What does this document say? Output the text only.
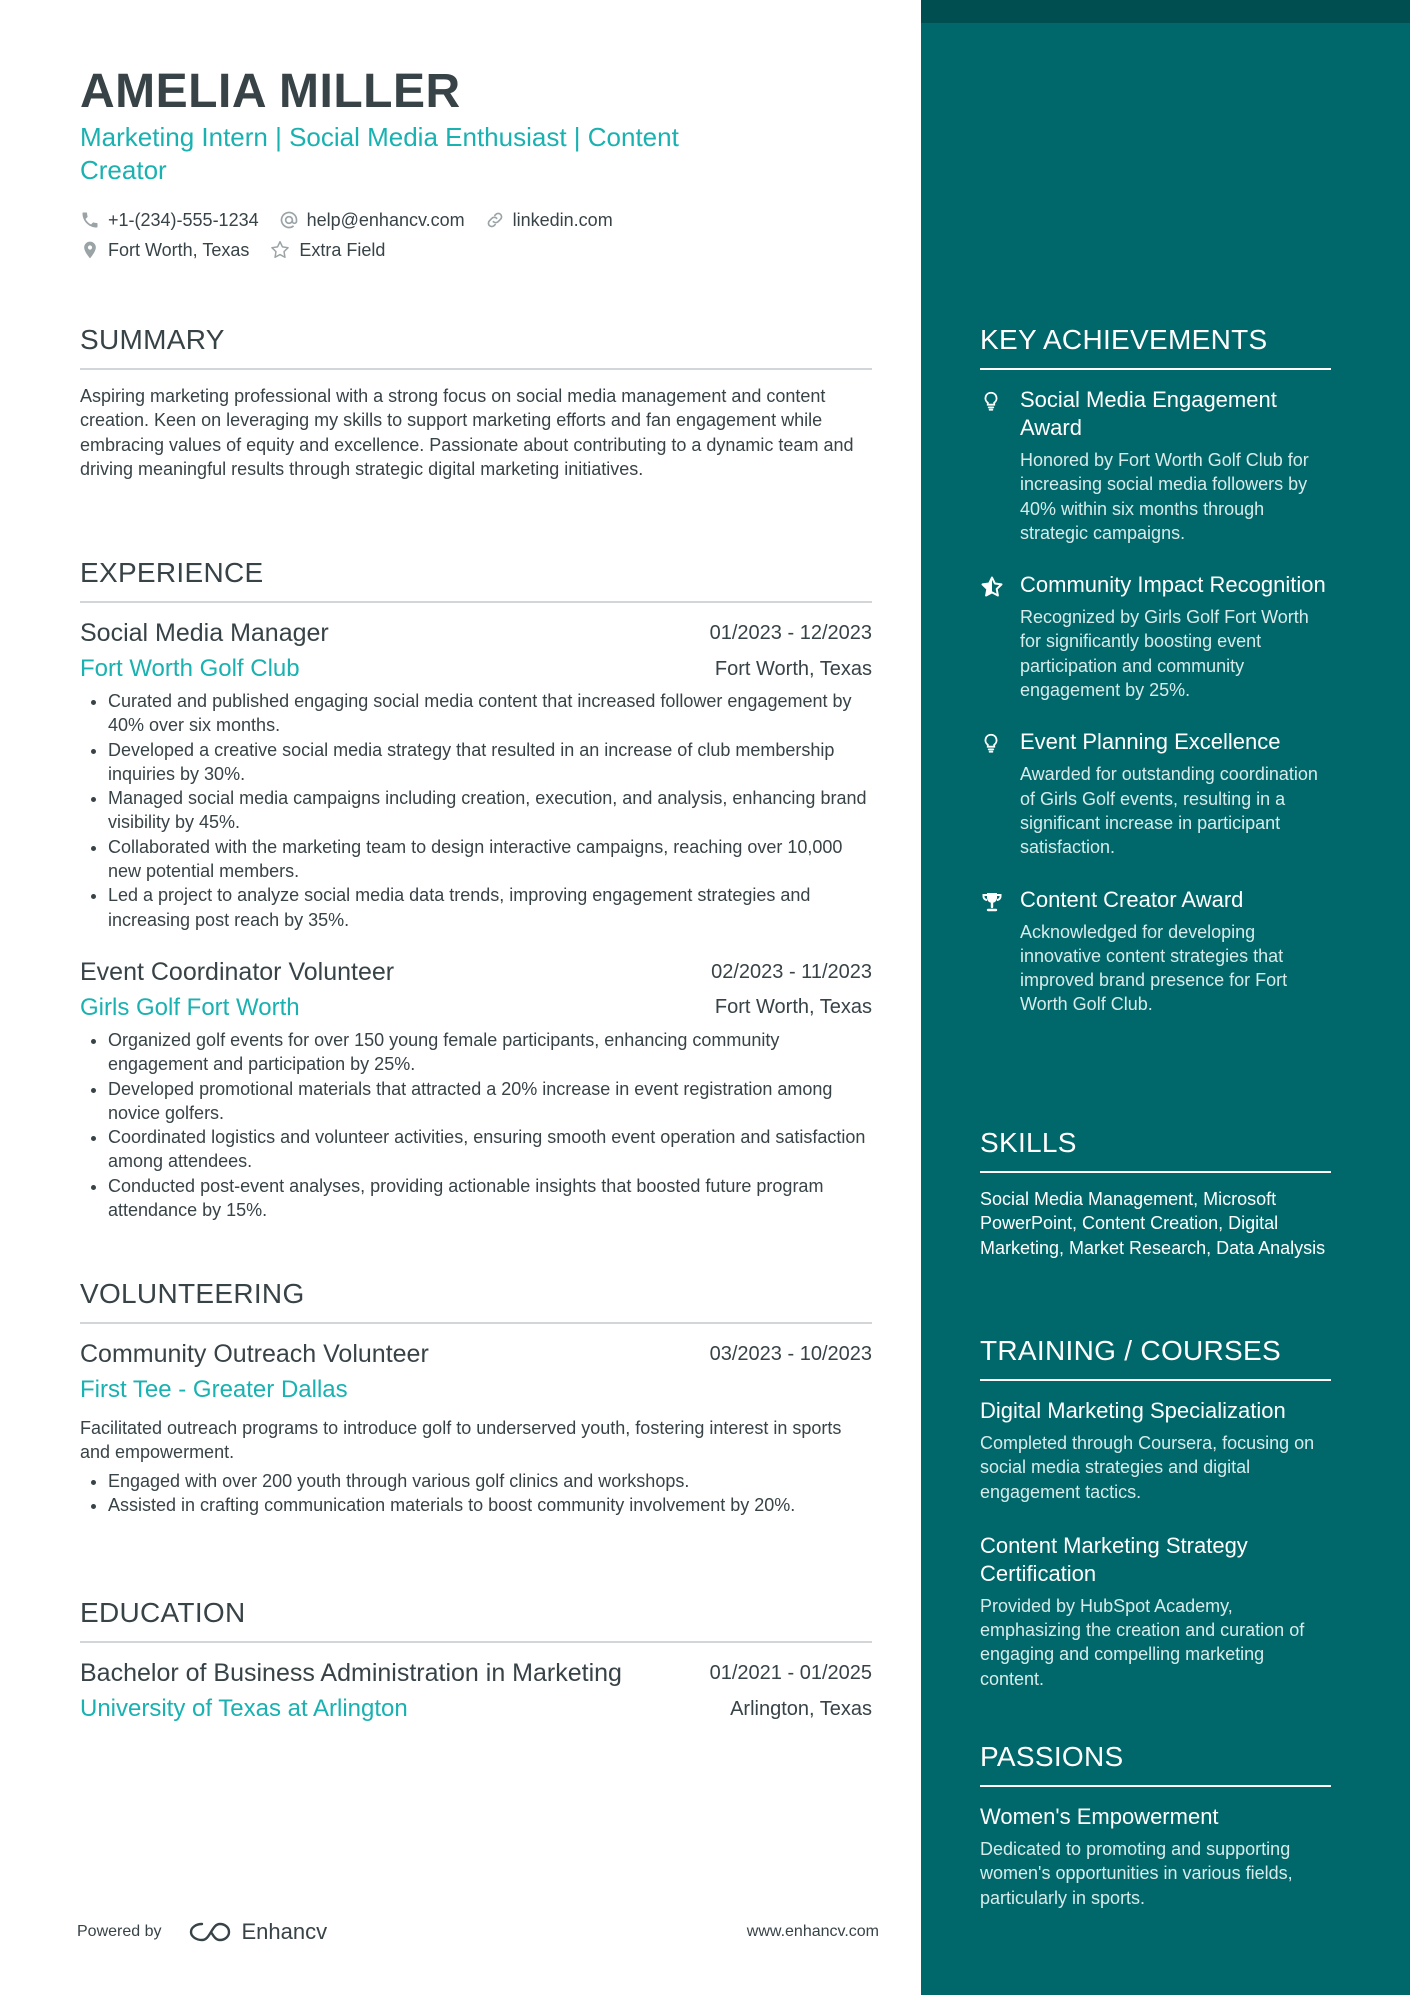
AMELIA MILLER
Marketing Intern | Social Media Enthusiast | Content Creator
+1-(234)-555-1234	help@enhancv.com	linkedin.com
Fort Worth, Texas	Extra Field
SUMMARY
Aspiring marketing professional with a strong focus on social media management and content creation. Keen on leveraging my skills to support marketing efforts and fan engagement while embracing values of equity and excellence. Passionate about contributing to a dynamic team and driving meaningful results through strategic digital marketing initiatives.
EXPERIENCE
Social Media Manager	01/2023 - 12/2023
Fort Worth Golf Club	Fort Worth, Texas
• Curated and published engaging social media content that increased follower engagement by 40% over six months.
• Developed a creative social media strategy that resulted in an increase of club membership inquiries by 30%.
• Managed social media campaigns including creation, execution, and analysis, enhancing brand visibility by 45%.
• Collaborated with the marketing team to design interactive campaigns, reaching over 10,000 new potential members.
• Led a project to analyze social media data trends, improving engagement strategies and increasing post reach by 35%.
Event Coordinator Volunteer	02/2023 - 11/2023
Girls Golf Fort Worth	Fort Worth, Texas
• Organized golf events for over 150 young female participants, enhancing community engagement and participation by 25%.
• Developed promotional materials that attracted a 20% increase in event registration among novice golfers.
• Coordinated logistics and volunteer activities, ensuring smooth event operation and satisfaction among attendees.
• Conducted post-event analyses, providing actionable insights that boosted future program attendance by 15%.
VOLUNTEERING
Community Outreach Volunteer	03/2023 - 10/2023
First Tee - Greater Dallas
Facilitated outreach programs to introduce golf to underserved youth, fostering interest in sports and empowerment.
• Engaged with over 200 youth through various golf clinics and workshops.
• Assisted in crafting communication materials to boost community involvement by 20%.
EDUCATION
Bachelor of Business Administration in Marketing	01/2021 - 01/2025
University of Texas at Arlington	Arlington, Texas
Powered by	Enhancv	www.enhancv.com
KEY ACHIEVEMENTS
Social Media Engagement Award
Honored by Fort Worth Golf Club for increasing social media followers by 40% within six months through strategic campaigns.
Community Impact Recognition
Recognized by Girls Golf Fort Worth for significantly boosting event participation and community engagement by 25%.
Event Planning Excellence
Awarded for outstanding coordination of Girls Golf events, resulting in a significant increase in participant satisfaction.
Content Creator Award
Acknowledged for developing innovative content strategies that improved brand presence for Fort Worth Golf Club.
SKILLS
Social Media Management, Microsoft PowerPoint, Content Creation, Digital Marketing, Market Research, Data Analysis
TRAINING / COURSES
Digital Marketing Specialization
Completed through Coursera, focusing on social media strategies and digital engagement tactics.
Content Marketing Strategy Certification
Provided by HubSpot Academy, emphasizing the creation and curation of engaging and compelling marketing content.
PASSIONS
Women's Empowerment
Dedicated to promoting and supporting women's opportunities in various fields, particularly in sports.
